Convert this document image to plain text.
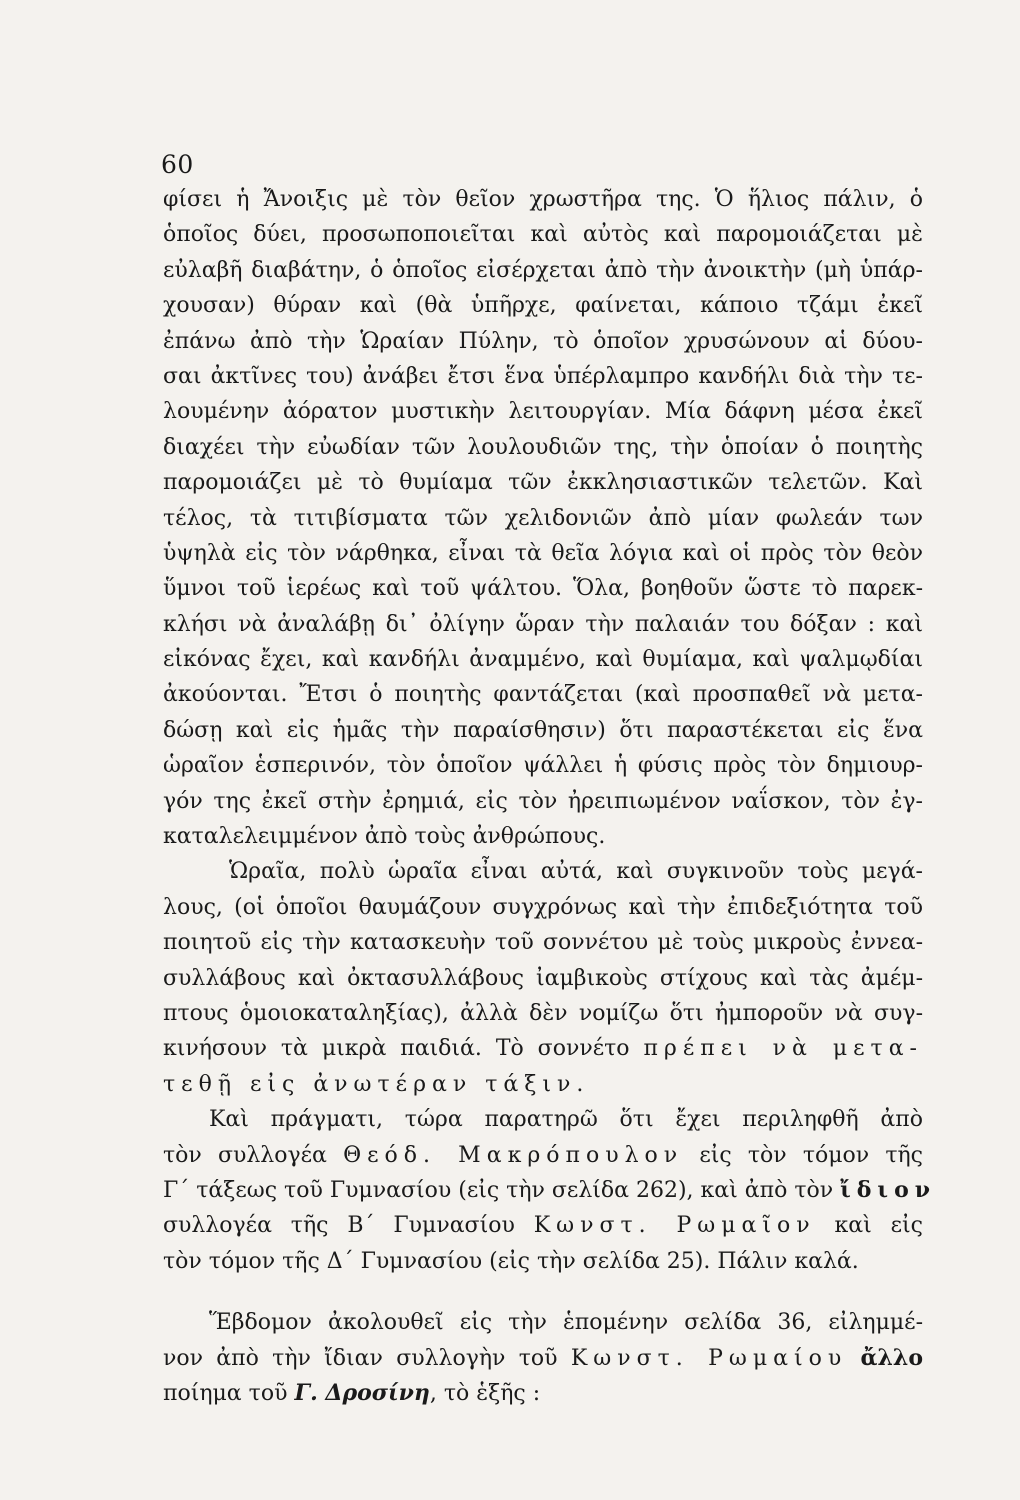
60
φίσει ἡ Ἄνοιξις μὲ τὸν θεῖον χρωστῆρα της. Ὁ ἥλιος πάλιν, ὁ
ὁποῖος δύει, προσωποποιεῖται καὶ αὐτὸς καὶ παρομοιάζεται μὲ
εὐλαβῆ διαβάτην, ὁ ὁποῖος εἰσέρχεται ἀπὸ τὴν ἀνοικτὴν (μὴ ὑπάρ-
χουσαν) θύραν καὶ (θὰ ὑπῆρχε, φαίνεται, κάποιο τζάμι ἐκεῖ
ἐπάνω ἀπὸ τὴν Ὡραίαν Πύλην, τὸ ὁποῖον χρυσώνουν αἱ δύου-
σαι ἀκτῖνες του) ἀνάβει ἔτσι ἕνα ὑπέρλαμπρο κανδήλι διὰ τὴν τε-
λουμένην ἀόρατον μυστικὴν λειτουργίαν. Μία δάφνη μέσα ἐκεῖ
διαχέει τὴν εὐωδίαν τῶν λουλουδιῶν της, τὴν ὁποίαν ὁ ποιητὴς
παρομοιάζει μὲ τὸ θυμίαμα τῶν ἐκκλησιαστικῶν τελετῶν. Καὶ
τέλος, τὰ τιτιβίσματα τῶν χελιδονιῶν ἀπὸ μίαν φωλεάν των
ὑψηλὰ εἰς τὸν νάρθηκα, εἶναι τὰ θεῖα λόγια καὶ οἱ πρὸς τὸν θεὸν
ὕμνοι τοῦ ἱερέως καὶ τοῦ ψάλτου. Ὅλα, βοηθοῦν ὥστε τὸ παρεκ-
κλήσι νὰ ἀναλάβῃ δι᾿ ὀλίγην ὥραν τὴν παλαιάν του δόξαν : καὶ
εἰκόνας ἔχει, καὶ κανδήλι ἀναμμένο, καὶ θυμίαμα, καὶ ψαλμῳδίαι
ἀκούονται. Ἔτσι ὁ ποιητὴς φαντάζεται (καὶ προσπαθεῖ νὰ μετα-
δώσῃ καὶ εἰς ἡμᾶς τὴν παραίσθησιν) ὅτι παραστέκεται εἰς ἕνα
ὡραῖον ἑσπερινόν, τὸν ὁποῖον ψάλλει ἡ φύσις πρὸς τὸν δημιουρ-
γόν της ἐκεῖ στὴν ἐρημιά, εἰς τὸν ἠρειπιωμένον ναΐσκον, τὸν ἐγ-
καταλελειμμένον ἀπὸ τοὺς ἀνθρώπους.
Ὡραῖα, πολὺ ὡραῖα εἶναι αὐτά, καὶ συγκινοῦν τοὺς μεγά-
λους, (οἱ ὁποῖοι θαυμάζουν συγχρόνως καὶ τὴν ἐπιδεξιότητα τοῦ
ποιητοῦ εἰς τὴν κατασκευὴν τοῦ σοννέτου μὲ τοὺς μικροὺς ἐννεα-
συλλάβους καὶ ὀκτασυλλάβους ἰαμβικοὺς στίχους καὶ τὰς ἀμέμ-
πτους ὁμοιοκαταληξίας), ἀλλὰ δὲν νομίζω ὅτι ἠμποροῦν νὰ συγ-
κινήσουν τὰ μικρὰ παιδιά. Τὸ σοννέτο πρέπει νὰ μετα-
τεθῇ εἰς ἀνωτέραν τάξιν.
Καὶ πράγματι, τώρα παρατηρῶ ὅτι ἔχει περιληφθῆ ἀπὸ
τὸν συλλογέα Θεόδ. Μακρόπουλον εἰς τὸν τόμον τῆς
Γ΄ τάξεως τοῦ Γυμνασίου (εἰς τὴν σελίδα 262), καὶ ἀπὸ τὸν ἴδιον
συλλογέα τῆς Β΄ Γυμνασίου Κωνστ. Ρωμαῖον καὶ εἰς
τὸν τόμον τῆς Δ΄ Γυμνασίου (εἰς τὴν σελίδα 25). Πάλιν καλά.
Ἕβδομον ἀκολουθεῖ εἰς τὴν ἑπομένην σελίδα 36, εἰλημμέ-
νον ἀπὸ τὴν ἴδιαν συλλογὴν τοῦ Κωνστ. Ρωμαίου ἄλλο
ποίημα τοῦ Γ. Δροσίνη, τὸ ἑξῆς :
